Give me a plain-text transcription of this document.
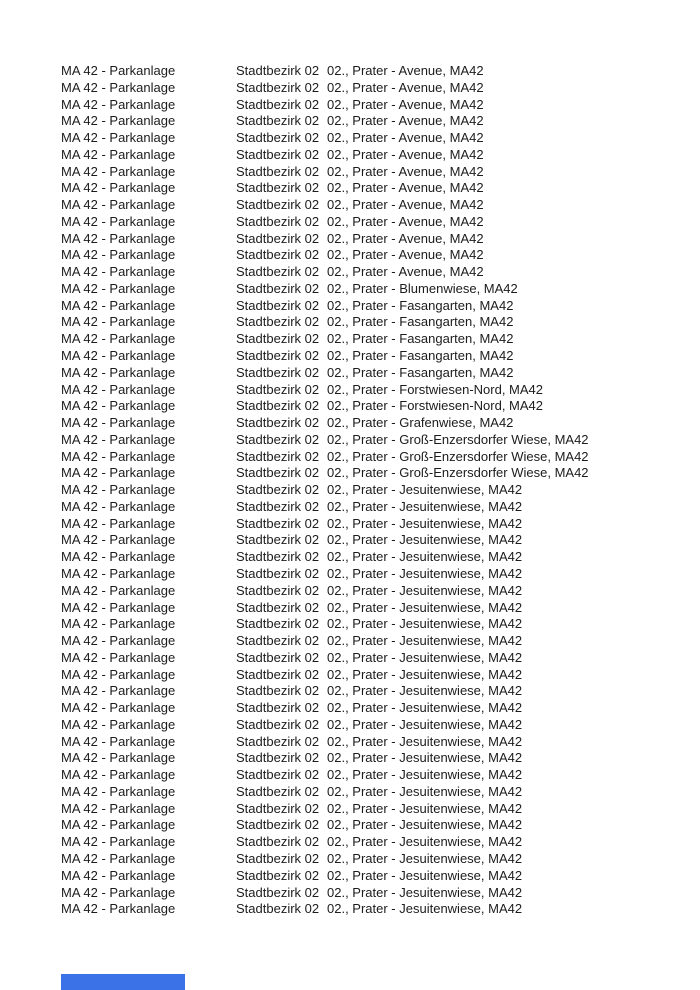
MA 42 - Parkanlage	Stadtbezirk 02 02., Prater - Avenue, MA42
MA 42 - Parkanlage	Stadtbezirk 02 02., Prater - Avenue, MA42
MA 42 - Parkanlage	Stadtbezirk 02 02., Prater - Avenue, MA42
MA 42 - Parkanlage	Stadtbezirk 02 02., Prater - Avenue, MA42
MA 42 - Parkanlage	Stadtbezirk 02 02., Prater - Avenue, MA42
MA 42 - Parkanlage	Stadtbezirk 02 02., Prater - Avenue, MA42
MA 42 - Parkanlage	Stadtbezirk 02 02., Prater - Avenue, MA42
MA 42 - Parkanlage	Stadtbezirk 02 02., Prater - Avenue, MA42
MA 42 - Parkanlage	Stadtbezirk 02 02., Prater - Avenue, MA42
MA 42 - Parkanlage	Stadtbezirk 02 02., Prater - Avenue, MA42
MA 42 - Parkanlage	Stadtbezirk 02 02., Prater - Avenue, MA42
MA 42 - Parkanlage	Stadtbezirk 02 02., Prater - Avenue, MA42
MA 42 - Parkanlage	Stadtbezirk 02 02., Prater - Avenue, MA42
MA 42 - Parkanlage	Stadtbezirk 02 02., Prater - Blumenwiese, MA42
MA 42 - Parkanlage	Stadtbezirk 02 02., Prater - Fasangarten, MA42
MA 42 - Parkanlage	Stadtbezirk 02 02., Prater - Fasangarten, MA42
MA 42 - Parkanlage	Stadtbezirk 02 02., Prater - Fasangarten, MA42
MA 42 - Parkanlage	Stadtbezirk 02 02., Prater - Fasangarten, MA42
MA 42 - Parkanlage	Stadtbezirk 02 02., Prater - Fasangarten, MA42
MA 42 - Parkanlage	Stadtbezirk 02 02., Prater - Forstwiesen-Nord, MA42
MA 42 - Parkanlage	Stadtbezirk 02 02., Prater - Forstwiesen-Nord, MA42
MA 42 - Parkanlage	Stadtbezirk 02 02., Prater - Grafenwiese, MA42
MA 42 - Parkanlage	Stadtbezirk 02 02., Prater - Groß-Enzersdorfer Wiese, MA42
MA 42 - Parkanlage	Stadtbezirk 02 02., Prater - Groß-Enzersdorfer Wiese, MA42
MA 42 - Parkanlage	Stadtbezirk 02 02., Prater - Groß-Enzersdorfer Wiese, MA42
MA 42 - Parkanlage	Stadtbezirk 02 02., Prater - Jesuitenwiese, MA42
MA 42 - Parkanlage	Stadtbezirk 02 02., Prater - Jesuitenwiese, MA42
MA 42 - Parkanlage	Stadtbezirk 02 02., Prater - Jesuitenwiese, MA42
MA 42 - Parkanlage	Stadtbezirk 02 02., Prater - Jesuitenwiese, MA42
MA 42 - Parkanlage	Stadtbezirk 02 02., Prater - Jesuitenwiese, MA42
MA 42 - Parkanlage	Stadtbezirk 02 02., Prater - Jesuitenwiese, MA42
MA 42 - Parkanlage	Stadtbezirk 02 02., Prater - Jesuitenwiese, MA42
MA 42 - Parkanlage	Stadtbezirk 02 02., Prater - Jesuitenwiese, MA42
MA 42 - Parkanlage	Stadtbezirk 02 02., Prater - Jesuitenwiese, MA42
MA 42 - Parkanlage	Stadtbezirk 02 02., Prater - Jesuitenwiese, MA42
MA 42 - Parkanlage	Stadtbezirk 02 02., Prater - Jesuitenwiese, MA42
MA 42 - Parkanlage	Stadtbezirk 02 02., Prater - Jesuitenwiese, MA42
MA 42 - Parkanlage	Stadtbezirk 02 02., Prater - Jesuitenwiese, MA42
MA 42 - Parkanlage	Stadtbezirk 02 02., Prater - Jesuitenwiese, MA42
MA 42 - Parkanlage	Stadtbezirk 02 02., Prater - Jesuitenwiese, MA42
MA 42 - Parkanlage	Stadtbezirk 02 02., Prater - Jesuitenwiese, MA42
MA 42 - Parkanlage	Stadtbezirk 02 02., Prater - Jesuitenwiese, MA42
MA 42 - Parkanlage	Stadtbezirk 02 02., Prater - Jesuitenwiese, MA42
MA 42 - Parkanlage	Stadtbezirk 02 02., Prater - Jesuitenwiese, MA42
MA 42 - Parkanlage	Stadtbezirk 02 02., Prater - Jesuitenwiese, MA42
MA 42 - Parkanlage	Stadtbezirk 02 02., Prater - Jesuitenwiese, MA42
MA 42 - Parkanlage	Stadtbezirk 02 02., Prater - Jesuitenwiese, MA42
MA 42 - Parkanlage	Stadtbezirk 02 02., Prater - Jesuitenwiese, MA42
MA 42 - Parkanlage	Stadtbezirk 02 02., Prater - Jesuitenwiese, MA42
MA 42 - Parkanlage	Stadtbezirk 02 02., Prater - Jesuitenwiese, MA42
MA 42 - Parkanlage	Stadtbezirk 02 02., Prater - Jesuitenwiese, MA42
